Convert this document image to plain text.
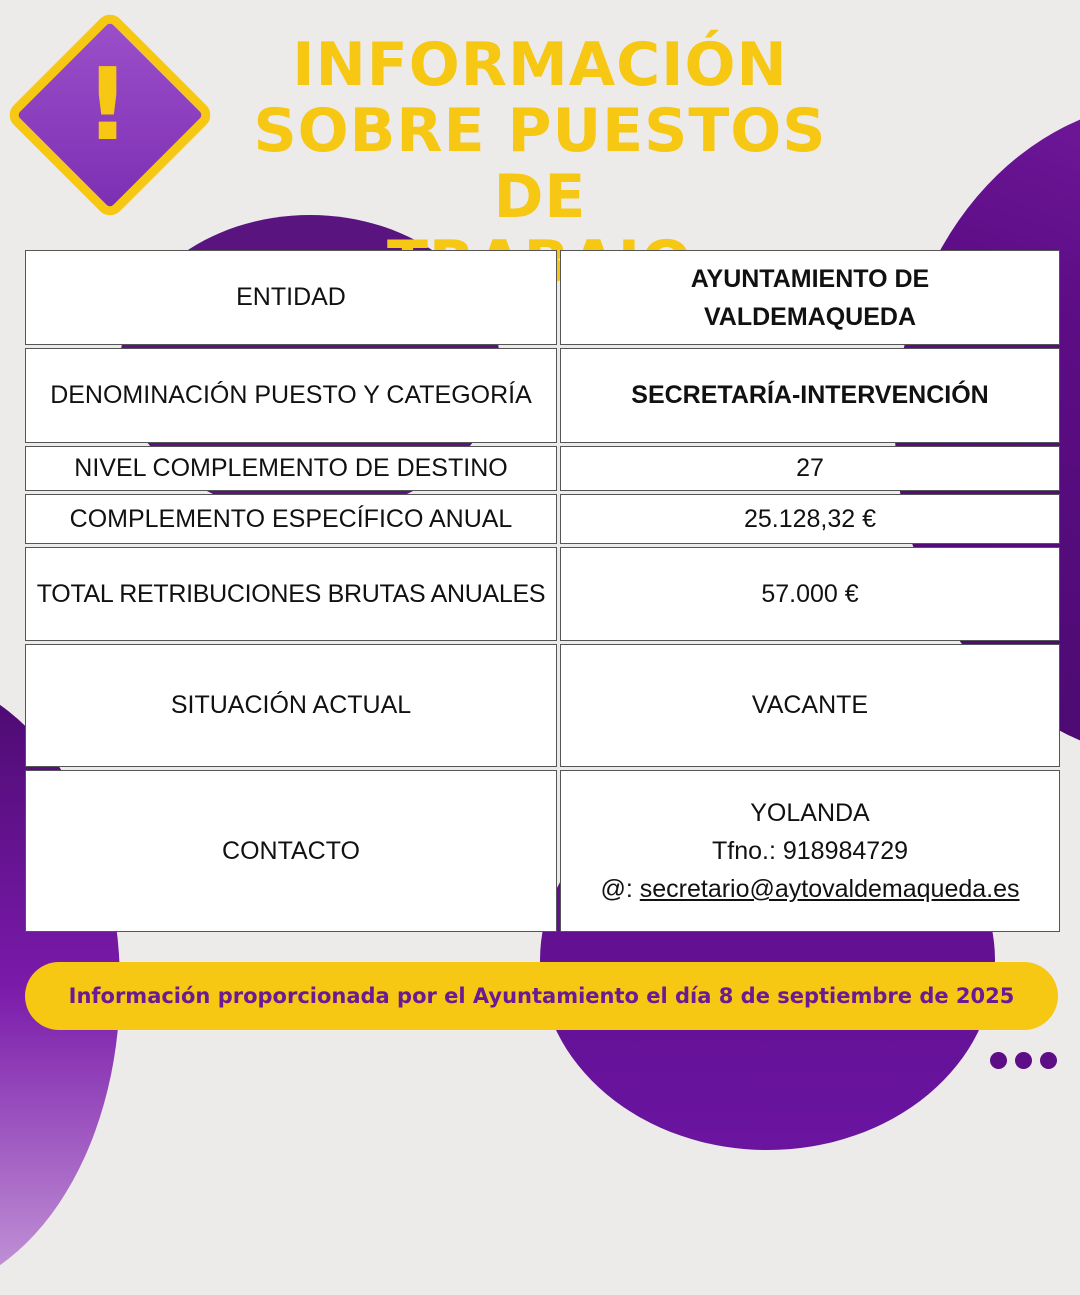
!	INFORMACIÓN
SOBRE PUESTOS DE

ENTIDAD	AYUNTAMIENTO DE
VALDEMAQUEDA
DENOMINACIÓN PUESTO Y CATEGORÍA	SECRETARÍA-INTERVENCIÓN
NIVEL COMPLEMENTO DE DESTINO	27
COMPLEMENTO ESPECÍFICO ANUAL	25.128,32 €
TOTAL RETRIBUCIONES BRUTAS ANUALES	57.000 €
SITUACIÓN ACTUAL	VACANTE
CONTACTO	YOLANDA
Tfno.: 918984729
@: secretario@aytovaldemaqueda.es
Información proporcionada por el Ayuntamiento el día 8 de septiembre de 2025
